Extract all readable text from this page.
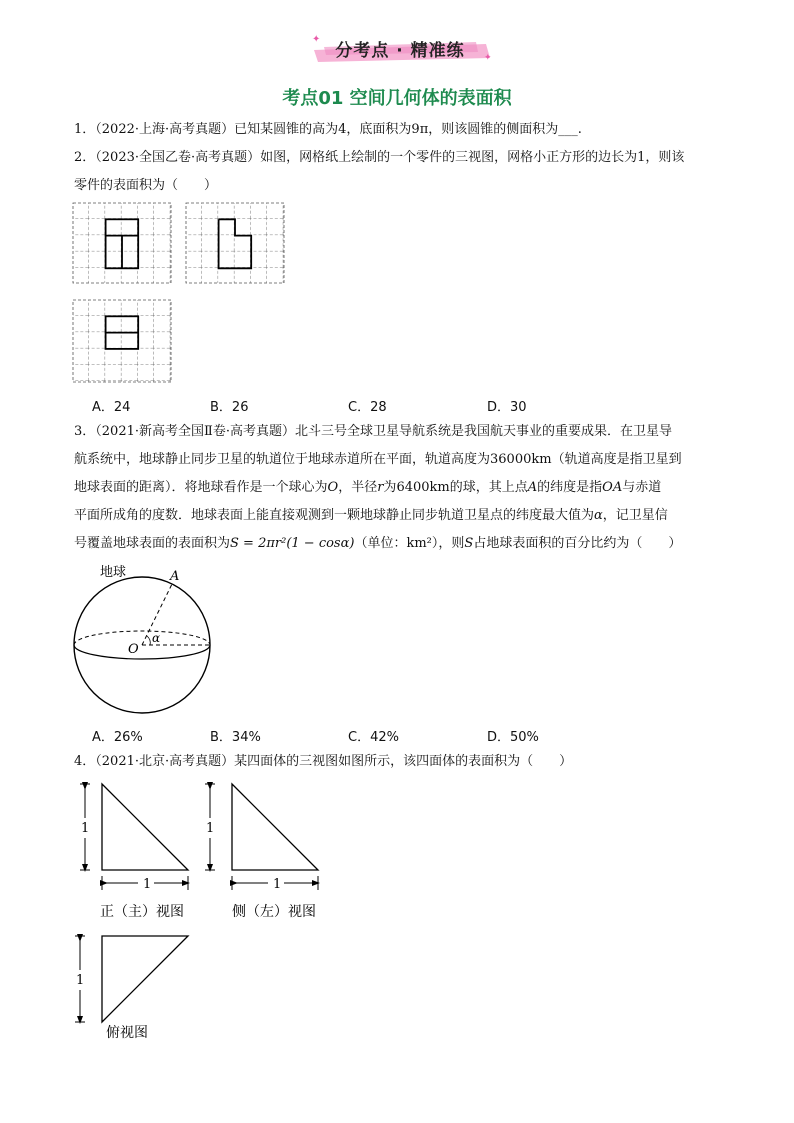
✦
✦
分考点 · 精准练
考点01 空间几何体的表面积
1．（2022·上海·高考真题）已知某圆锥的高为4，底面积为9π，则该圆锥的侧面积为___.
2．（2023·全国乙卷·高考真题）如图，网格纸上绘制的一个零件的三视图，网格小正方形的边长为1，则该
零件的表面积为（　　）
A．24	B．26	C．28	D．30
3．（2021·新高考全国Ⅱ卷·高考真题）北斗三号全球卫星导航系统是我国航天事业的重要成果．在卫星导
航系统中，地球静止同步卫星的轨道位于地球赤道所在平面，轨道高度为36000km（轨道高度是指卫星到
地球表面的距离）．将地球看作是一个球心为O，半径r为6400km的球，其上点A的纬度是指OA与赤道
平面所成角的度数．地球表面上能直接观测到一颗地球静止同步轨道卫星点的纬度最大值为α，记卫星信
号覆盖地球表面的表面积为S = 2πr²(1 − cosα)（单位：km²），则S占地球表面积的百分比约为（　　）
地球	A
O
α
A．26%	B．34%	C．42%	D．50%
4．（2021·北京·高考真题）某四面体的三视图如图所示，该四面体的表面积为（　　）
1
1
正（主）视图
1
1
侧（左）视图
1
俯视图
